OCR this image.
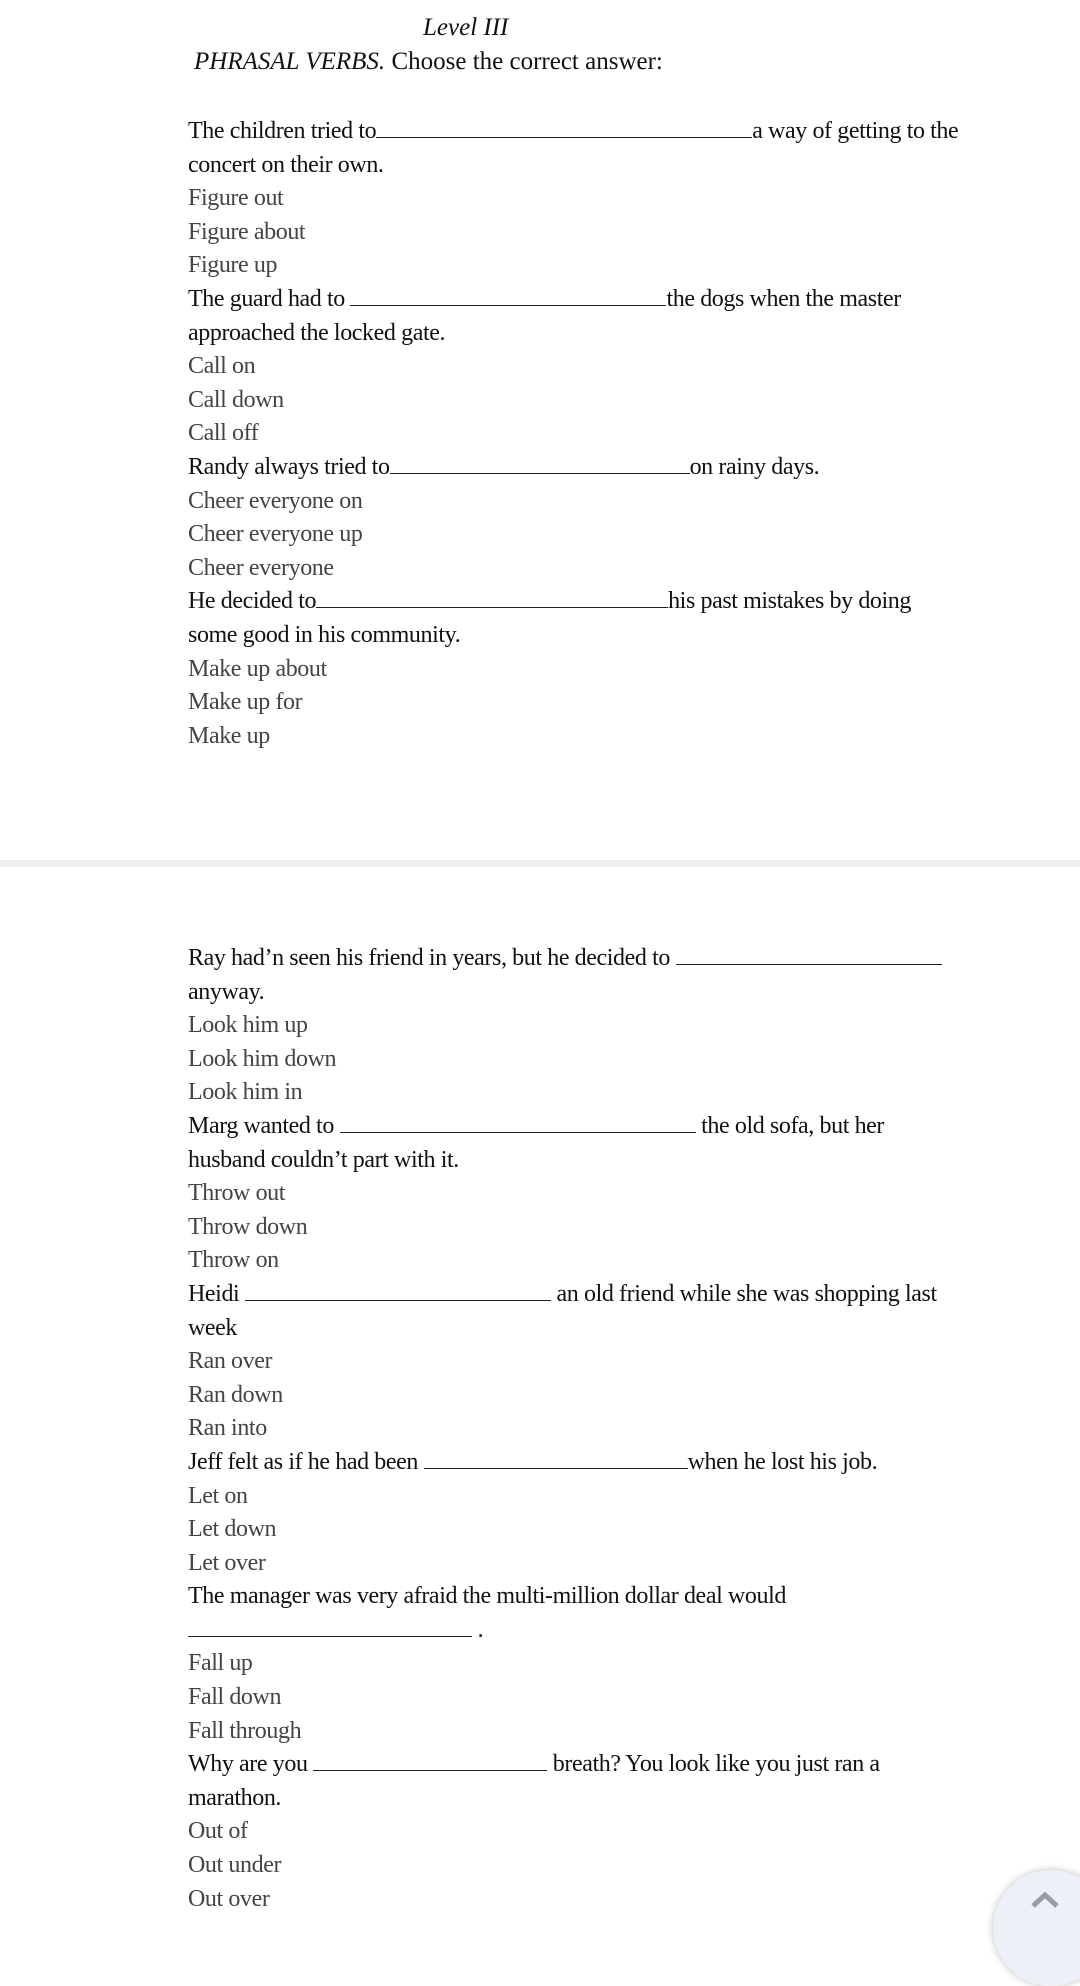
Level III
PHRASAL VERBS. Choose the correct answer:
The children tried to	a way of getting to the
concert on their own.
Figure out
Figure about
Figure up
The guard had to	the dogs when the master
approached the locked gate.
Call on
Call down
Call off
Randy always tried to	on rainy days.
Cheer everyone on
Cheer everyone up
Cheer everyone
He decided to	his past mistakes by doing
some good in his community.
Make up about
Make up for
Make up
Ray had’n seen his friend in years, but he decided to
anyway.
Look him up
Look him down
Look him in
Marg wanted to	the old sofa, but her
husband couldn’t part with it.
Throw out
Throw down
Throw on
Heidi	an old friend while she was shopping last
week
Ran over
Ran down
Ran into
Jeff felt as if he had been	when he lost his job.
Let on
Let down
Let over
The manager was very afraid the multi-million dollar deal would
.
Fall up
Fall down
Fall through
Why are you	breath? You look like you just ran a
marathon.
Out of
Out under
Out over
